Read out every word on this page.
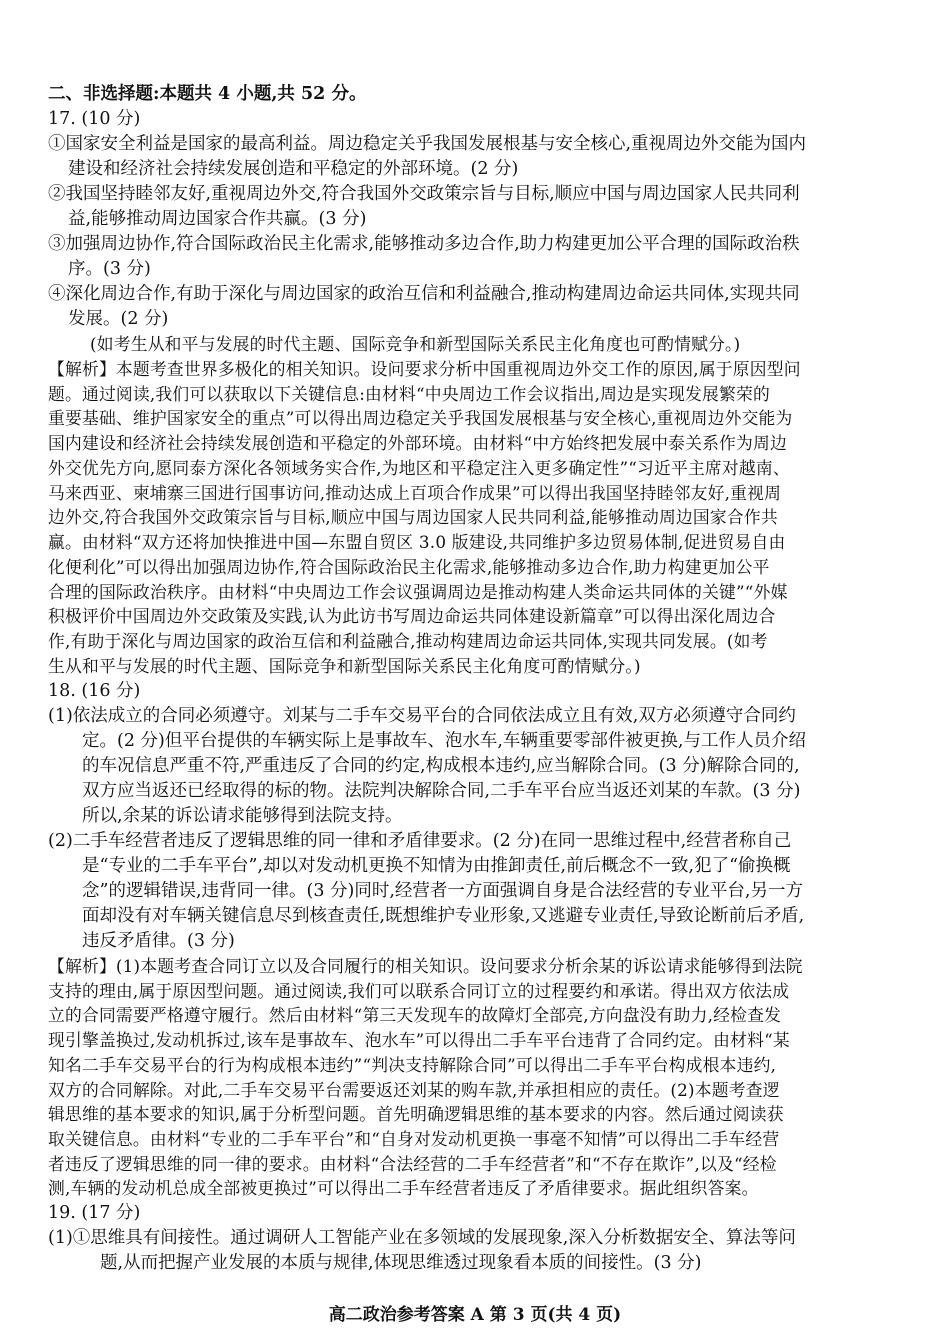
二、非选择题:本题共 4 小题,共 52 分。
17. (10 分)
①国家安全利益是国家的最高利益。周边稳定关乎我国发展根基与安全核心,重视周边外交能为国内
建设和经济社会持续发展创造和平稳定的外部环境。(2 分)
②我国坚持睦邻友好,重视周边外交,符合我国外交政策宗旨与目标,顺应中国与周边国家人民共同利
益,能够推动周边国家合作共赢。(3 分)
③加强周边协作,符合国际政治民主化需求,能够推动多边合作,助力构建更加公平合理的国际政治秩
序。(3 分)
④深化周边合作,有助于深化与周边国家的政治互信和利益融合,推动构建周边命运共同体,实现共同
发展。(2 分)
(如考生从和平与发展的时代主题、国际竞争和新型国际关系民主化角度也可酌情赋分。)
【解析】本题考查世界多极化的相关知识。设问要求分析中国重视周边外交工作的原因,属于原因型问
题。通过阅读,我们可以获取以下关键信息:由材料“中央周边工作会议指出,周边是实现发展繁荣的
重要基础、维护国家安全的重点”可以得出周边稳定关乎我国发展根基与安全核心,重视周边外交能为
国内建设和经济社会持续发展创造和平稳定的外部环境。由材料“中方始终把发展中泰关系作为周边
外交优先方向,愿同泰方深化各领域务实合作,为地区和平稳定注入更多确定性”“习近平主席对越南、
马来西亚、柬埔寨三国进行国事访问,推动达成上百项合作成果”可以得出我国坚持睦邻友好,重视周
边外交,符合我国外交政策宗旨与目标,顺应中国与周边国家人民共同利益,能够推动周边国家合作共
赢。由材料“双方还将加快推进中国—东盟自贸区 3.0 版建设,共同维护多边贸易体制,促进贸易自由
化便利化”可以得出加强周边协作,符合国际政治民主化需求,能够推动多边合作,助力构建更加公平
合理的国际政治秩序。由材料“中央周边工作会议强调周边是推动构建人类命运共同体的关键”“外媒
积极评价中国周边外交政策及实践,认为此访书写周边命运共同体建设新篇章”可以得出深化周边合
作,有助于深化与周边国家的政治互信和利益融合,推动构建周边命运共同体,实现共同发展。(如考
生从和平与发展的时代主题、国际竞争和新型国际关系民主化角度可酌情赋分。)
18. (16 分)
(1)依法成立的合同必须遵守。刘某与二手车交易平台的合同依法成立且有效,双方必须遵守合同约
定。(2 分)但平台提供的车辆实际上是事故车、泡水车,车辆重要零部件被更换,与工作人员介绍
的车况信息严重不符,严重违反了合同的约定,构成根本违约,应当解除合同。(3 分)解除合同的,
双方应当返还已经取得的标的物。法院判决解除合同,二手车平台应当返还刘某的车款。(3 分)
所以,余某的诉讼请求能够得到法院支持。
(2)二手车经营者违反了逻辑思维的同一律和矛盾律要求。(2 分)在同一思维过程中,经营者称自己
是“专业的二手车平台”,却以对发动机更换不知情为由推卸责任,前后概念不一致,犯了“偷换概
念”的逻辑错误,违背同一律。(3 分)同时,经营者一方面强调自身是合法经营的专业平台,另一方
面却没有对车辆关键信息尽到核查责任,既想维护专业形象,又逃避专业责任,导致论断前后矛盾,
违反矛盾律。(3 分)
【解析】(1)本题考查合同订立以及合同履行的相关知识。设问要求分析余某的诉讼请求能够得到法院
支持的理由,属于原因型问题。通过阅读,我们可以联系合同订立的过程要约和承诺。得出双方依法成
立的合同需要严格遵守履行。然后由材料“第三天发现车的故障灯全部亮,方向盘没有助力,经检查发
现引擎盖换过,发动机拆过,该车是事故车、泡水车”可以得出二手车平台违背了合同约定。由材料“某
知名二手车交易平台的行为构成根本违约”“判决支持解除合同”可以得出二手车平台构成根本违约,
双方的合同解除。对此,二手车交易平台需要返还刘某的购车款,并承担相应的责任。(2)本题考查逻
辑思维的基本要求的知识,属于分析型问题。首先明确逻辑思维的基本要求的内容。然后通过阅读获
取关键信息。由材料“专业的二手车平台”和“自身对发动机更换一事毫不知情”可以得出二手车经营
者违反了逻辑思维的同一律的要求。由材料“合法经营的二手车经营者”和“不存在欺诈”,以及“经检
测,车辆的发动机总成全部被更换过”可以得出二手车经营者违反了矛盾律要求。据此组织答案。
19. (17 分)
(1)①思维具有间接性。通过调研人工智能产业在多领域的发展现象,深入分析数据安全、算法等问
题,从而把握产业发展的本质与规律,体现思维透过现象看本质的间接性。(3 分)
高二政治参考答案 A 第 3 页(共 4 页)
